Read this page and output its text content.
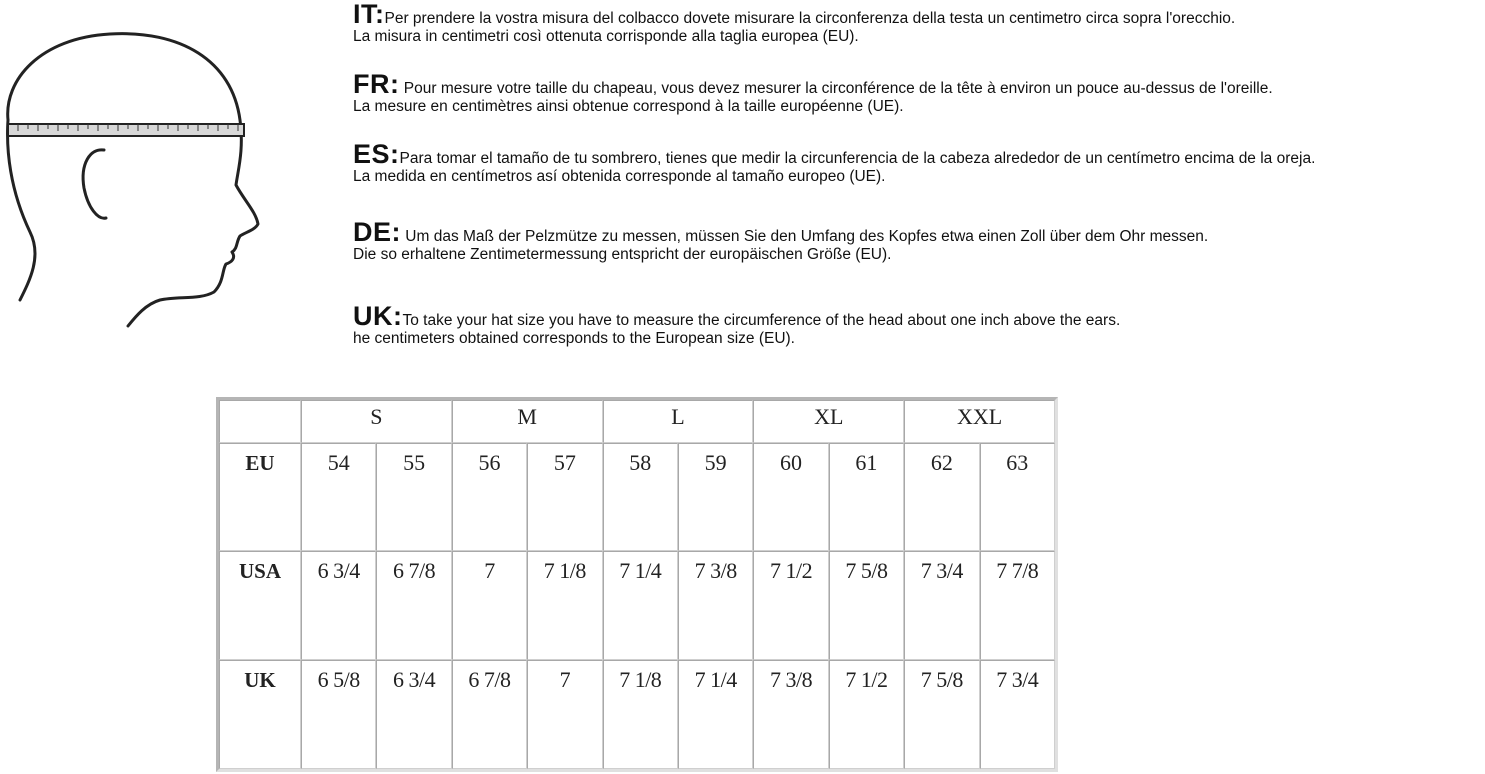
IT:Per prendere la vostra misura del colbacco dovete misurare la circonferenza della testa un centimetro circa sopra l'orecchio.
La misura in centimetri così ottenuta corrisponde alla taglia europea (EU).
FR: Pour mesure votre taille du chapeau, vous devez mesurer la circonférence de la tête à environ un pouce au-dessus de l'oreille.
La mesure en centimètres ainsi obtenue correspond à la taille européenne (UE).
ES:Para tomar el tamaño de tu sombrero, tienes que medir la circunferencia de la cabeza alrededor de un centímetro encima de la oreja.
La medida en centímetros así obtenida corresponde al tamaño europeo (UE).
DE: Um das Maß der Pelzmütze zu messen, müssen Sie den Umfang des Kopfes etwa einen Zoll über dem Ohr messen.
Die so erhaltene Zentimetermessung entspricht der europäischen Größe (EU).
UK:To take your hat size you have to measure the circumference of the head about one inch above the ears.
he centimeters obtained corresponds to the European size (EU).
	S		M		L		XL		XXL	
EU	54	55	56	57	58	59	60	61	62	63
USA	6 3/4	6 7/8	7	7 1/8	7 1/4	7 3/8	7 1/2	7 5/8	7 3/4	7 7/8
UK	6 5/8	6 3/4	6 7/8	7	7 1/8	7 1/4	7 3/8	7 1/2	7 5/8	7 3/4
